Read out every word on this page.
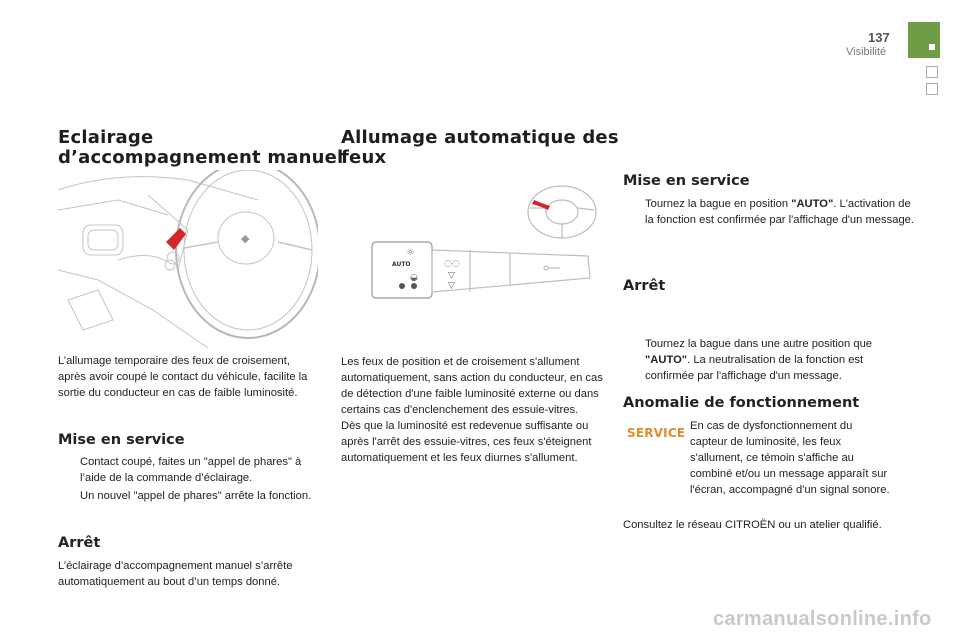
137
Visibilité
Eclairage
d’accompagnement manuel
◆
L’allumage temporaire des feux de croisement, après avoir coupé le contact du véhicule, facilite la sortie du conducteur en cas de faible luminosité.
Mise en service
Contact coupé, faites un "appel de phares" à l’aide de la commande d’éclairage.
Un nouvel "appel de phares" arrête la fonction.
Arrêt
L’éclairage d’accompagnement manuel s’arrête automatiquement au bout d’un temps donné.
Allumage automatique des
feux
AUTO
☼
◌◌
▽
▽
◒
Les feux de position et de croisement s'allument automatiquement, sans action du conducteur, en cas de détection d'une faible luminosité externe ou dans certains cas d'enclenchement des essuie-vitres.
Dès que la luminosité est redevenue suffisante ou après l'arrêt des essuie-vitres, ces feux s'éteignent automatiquement et les feux diurnes s'allument.
Mise en service
Tournez la bague en position "AUTO". L'activation de la fonction est confirmée par l'affichage d'un message.
Arrêt
Tournez la bague dans une autre position que "AUTO". La neutralisation de la fonction est confirmée par l'affichage d'un message.
Anomalie de fonctionnement
SERVICE En cas de dysfonctionnement du capteur de luminosité, les feux s'allument, ce témoin s'affiche au combiné et/ou un message apparaît sur l'écran, accompagné d'un signal sonore.
Consultez le réseau CITROËN ou un atelier qualifié.
carmanualsonline.info
